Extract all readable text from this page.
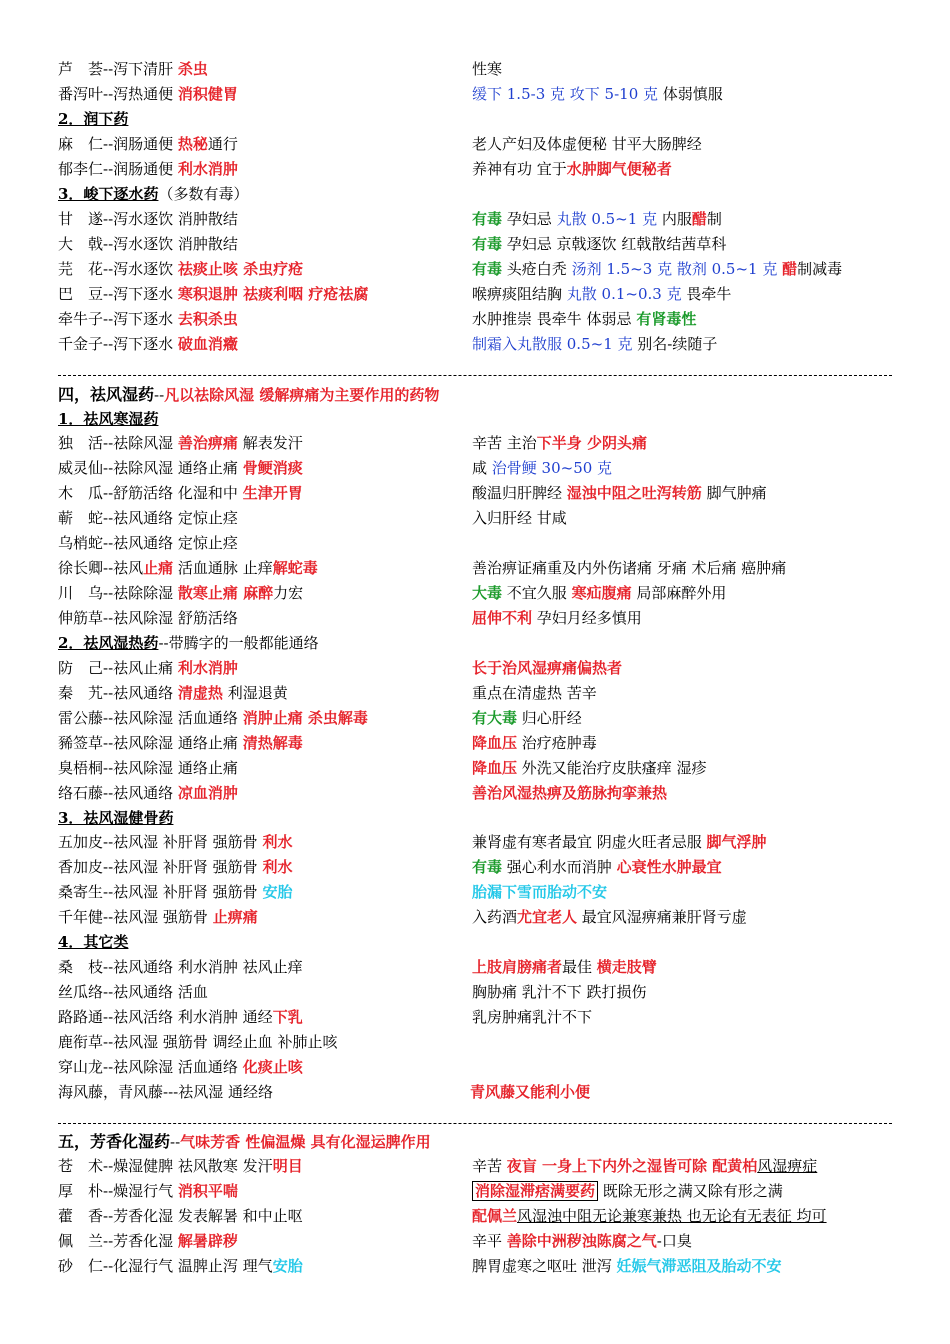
芦　荟--泻下清肝 杀虫	性寒
番泻叶--泻热通便 消积健胃	缓下 1.5-3 克 攻下 5-10 克 体弱慎服
2．润下药
麻　仁--润肠通便 热秘通行	老人产妇及体虚便秘 甘平大肠脾经
郁李仁--润肠通便 利水消肿	养神有功 宜于水肿脚气便秘者
3．峻下逐水药（多数有毒）
甘　遂--泻水逐饮 消肿散结	有毒 孕妇忌 丸散 0.5~1 克 内服醋制
大　戟--泻水逐饮 消肿散结	有毒 孕妇忌 京戟逐饮 红戟散结茜草科
芫　花--泻水逐饮 祛痰止咳 杀虫疗疮	有毒 头疮白秃 汤剂 1.5~3 克 散剂 0.5~1 克 醋制减毒
巴　豆--泻下逐水 寒积退肿 祛痰利咽 疗疮祛腐	喉痹痰阻结胸 丸散 0.1~0.3 克 畏牵牛
牵牛子--泻下逐水 去积杀虫	水肿推崇 畏牵牛 体弱忌 有肾毒性
千金子--泻下逐水 破血消癥	制霜入丸散服 0.5~1 克 别名-续随子
四，祛风湿药--凡以祛除风湿 缓解痹痛为主要作用的药物
1．祛风寒湿药
独　活--祛除风湿 善治痹痛 解表发汗	辛苦 主治下半身 少阴头痛
威灵仙--祛除风湿 通络止痛 骨鲠消痰	咸 治骨鲠 30~50 克
木　瓜--舒筋活络 化湿和中 生津开胃	酸温归肝脾经 湿浊中阻之吐泻转筋 脚气肿痛
蕲　蛇--祛风通络 定惊止痉	入归肝经 甘咸
乌梢蛇--祛风通络 定惊止痉
徐长卿--祛风止痛 活血通脉 止痒解蛇毒	善治痹证痛重及内外伤诸痛 牙痛 术后痛 癌肿痛
川　乌--祛除除湿 散寒止痛 麻醉力宏	大毒 不宜久服 寒疝腹痛 局部麻醉外用
伸筋草--祛风除湿 舒筋活络	屈伸不利 孕妇月经多慎用
2．祛风湿热药--带腾字的一般都能通络
防　己--祛风止痛 利水消肿	长于治风湿痹痛偏热者
秦　艽--祛风通络 清虚热 利湿退黄	重点在清虚热 苦辛
雷公藤--祛风除湿 活血通络 消肿止痛 杀虫解毒	有大毒 归心肝经
豨签草--祛风除湿 通络止痛 清热解毒	降血压 治疗疮肿毒
臭梧桐--祛风除湿 通络止痛	降血压 外洗又能治疗皮肤瘙痒 湿疹
络石藤--祛风通络 凉血消肿	善治风湿热痹及筋脉拘挛兼热
3．祛风湿健骨药
五加皮--祛风湿 补肝肾 强筋骨 利水	兼肾虚有寒者最宜 阴虚火旺者忌服 脚气浮肿
香加皮--祛风湿 补肝肾 强筋骨 利水	有毒 强心利水而消肿 心衰性水肿最宜
桑寄生--祛风湿 补肝肾 强筋骨 安胎	胎漏下雪而胎动不安
千年健--祛风湿 强筋骨 止痹痛	入药酒尤宜老人 最宜风湿痹痛兼肝肾亏虚
4．其它类
桑　枝--祛风通络 利水消肿 祛风止痒	上肢肩膀痛者最佳 横走肢臂
丝瓜络--祛风通络 活血	胸胁痛 乳汁不下 跌打损伤
路路通--祛风活络 利水消肿 通经下乳	乳房肿痛乳汁不下
鹿衔草--祛风湿 强筋骨 调经止血 补肺止咳
穿山龙--祛风除湿 活血通络 化痰止咳
海风藤，青风藤---祛风湿 通经络	青风藤又能利小便
五，芳香化湿药--气味芳香 性偏温燥 具有化湿运脾作用
苍　术--燥湿健脾 祛风散寒 发汗明目	辛苦 夜盲 一身上下内外之湿皆可除 配黄柏风湿痹症
厚　朴--燥湿行气 消积平喘	消除湿滞痞满要药 既除无形之满又除有形之满
藿　香--芳香化湿 发表解暑 和中止呕	配佩兰风湿浊中阻无论兼寒兼热 也无论有无表征 均可
佩　兰--芳香化湿 解暑辟秽	辛平 善除中洲秽浊陈腐之气-口臭
砂　仁--化湿行气 温脾止泻 理气安胎	脾胃虚寒之呕吐 泄泻 妊娠气滞恶阻及胎动不安
